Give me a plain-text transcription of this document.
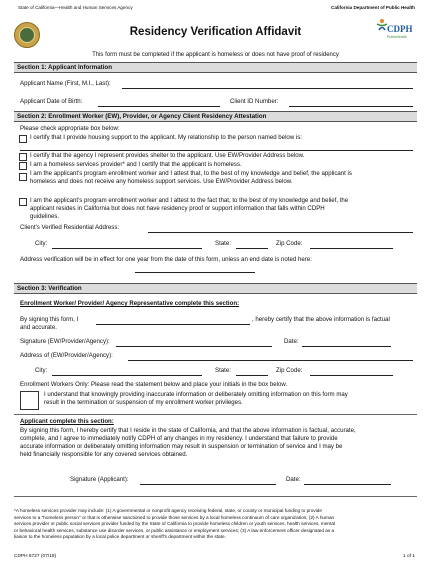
State of California—Health and Human Services Agency	California Department of Public Health
CDPH
PublicHealth
Residency Verification Affidavit
This form must be completed if the applicant is homeless or does not have proof of residency
Section 1: Applicant Information
Applicant Name (First, M.I., Last):
Applicant Date of Birth:	Client ID Number:
Section 2: Enrollment Worker (EW), Provider, or Agency Client Residency Attestation
Please check appropriate box below:
I certify that I provide housing support to the applicant. My relationship to the person named below is:
I certify that the agency I represent provides shelter to the applicant. Use EW/Provider Address below.
I am a homeless services provider* and I certify that the applicant is homeless.
I am the applicant's program enrollment worker and I attest that, to the best of my knowledge and belief, the applicant is
homeless and does not receive any homeless support services. Use EW/Provider Address below.
I am the applicant's program enrollment worker and I attest to the fact that, to the best of my knowledge and belief, the
applicant resides in California but does not have residency proof or support information that falls within CDPH
guidelines.
Client's Verified Residential Address:
City:	State:	Zip Code:
Address verification will be in effect for one year from the date of this form, unless an end date is noted here:
Section 3: Verification
Enrollment Worker/ Provider/ Agency Representative complete this section:
By signing this form, I	, hereby certify that the above information is factual
and accurate.
Signature (EW/Provider/Agency):	Date:
Address of (EW/Provider/Agency):
City:	State:	Zip Code:
Enrollment Workers Only: Please read the statement below and place your initials in the box below.
I understand that knowingly providing inaccurate information or deliberately omitting information on this form may
result in the termination or suspension of my enrollment worker privileges.
Applicant complete this section:
By signing this form, I hereby certify that I reside in the state of California, and that the above information is factual, accurate,
complete, and I agree to immediately notify CDPH of any changes in my residency. I understand that failure to provide
accurate information or deliberately omitting information may result in suspension or termination of service and I may be
held financially responsible for any covered services obtained.
Signature (Applicant):	Date:
*A homeless services provider may include: (1) A governmental or nonprofit agency receiving federal, state, or county or municipal funding to provide
services to a "homeless person" or that is otherwise sanctioned to provide those services by a local homeless continuum of care organization; (2) A human
services provider or public social services provider funded by the State of California to provide homeless children or youth services, health services, mental
or behavioral health services, substance use disorder services, or public assistance or employment services; (3) A law enforcement officer designated as a
liaison to the homeless population by a local police department or sheriff's department within the state.
CDPH 8727 (07/18)	1 of 1
